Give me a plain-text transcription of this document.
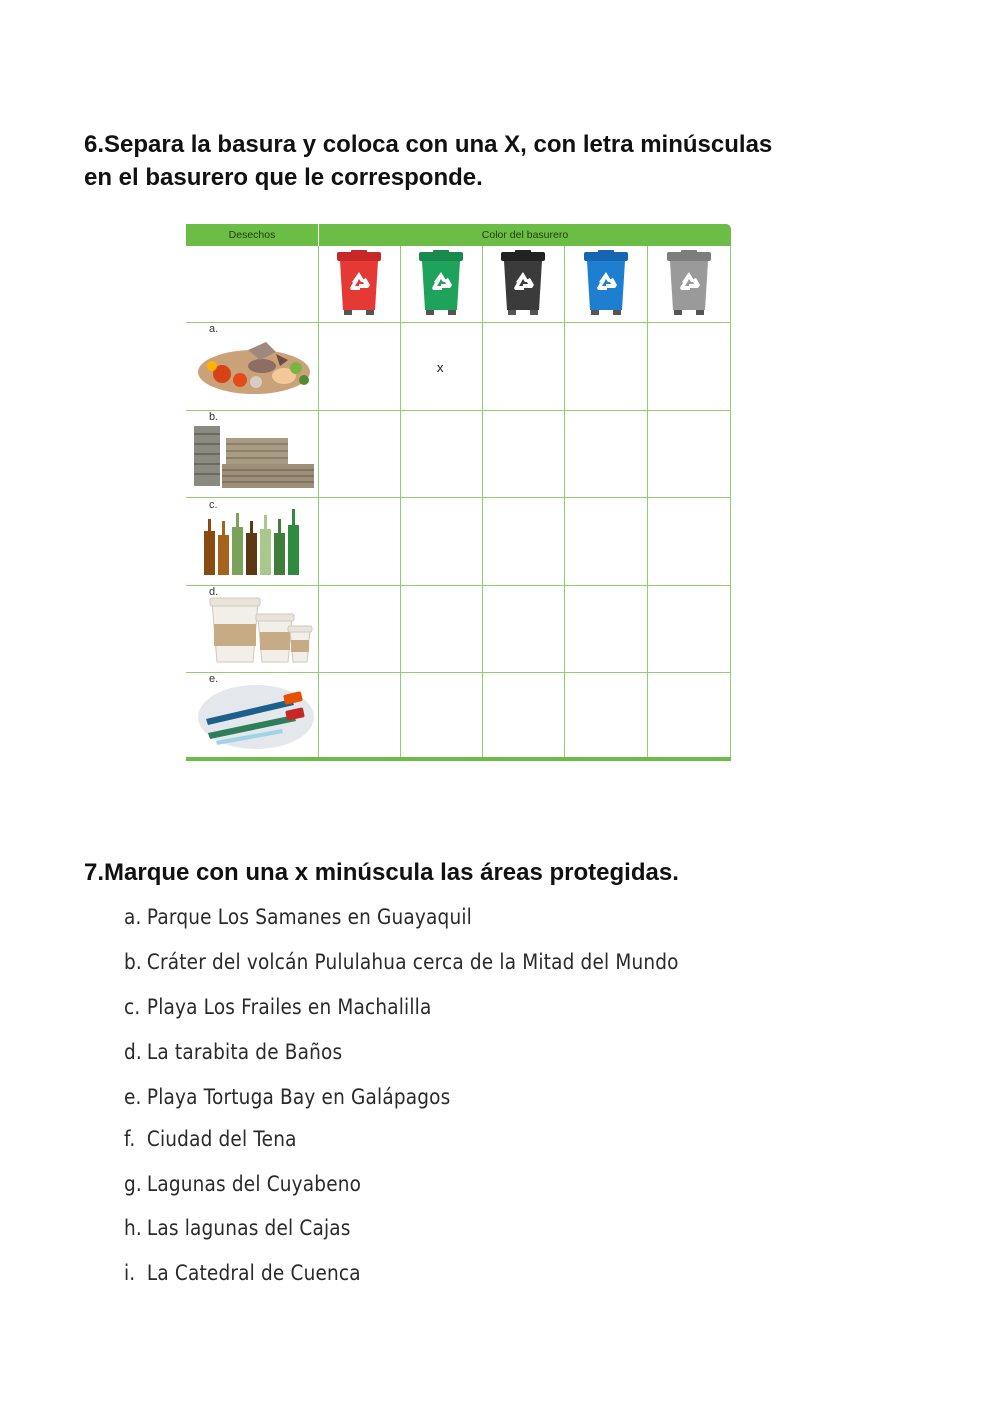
6.Separa la basura y coloca con una X, con letra minúsculas
en el basurero que le corresponde.
Desechos	Color del basurero
a.
x
b.
c.
d.
e.
7.Marque con una x minúscula las áreas protegidas.
a. Parque Los Samanes en Guayaquil
b. Cráter del volcán Pululahua cerca de la Mitad del Mundo
c. Playa Los Frailes en Machalilla
d. La tarabita de Baños
e. Playa Tortuga Bay en Galápagos
f. Ciudad del Tena
g. Lagunas del Cuyabeno
h. Las lagunas del Cajas
i. La Catedral de Cuenca
